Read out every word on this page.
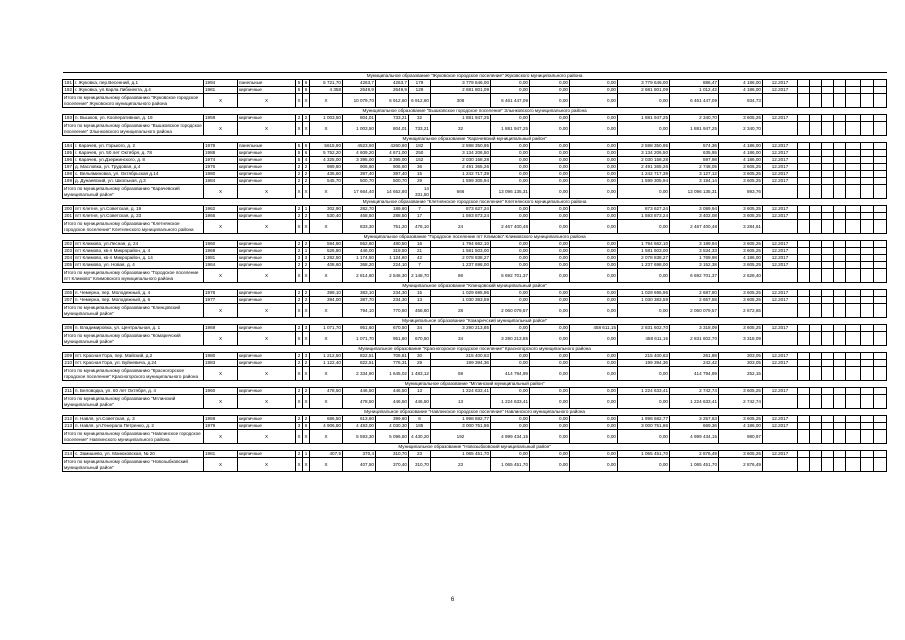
Муниципальное образование "Жуковское городское поселение" Жуковского муниципального района																								
191	г. Жуковка, пер.Весенний, д.1	1994	панельные	5	6	5 721,70	4263,7	4263,7	179	3 779 646,00	0,00	0,00	0,00	3 779 646,00	886,47	4 186,00	12.2017							
192	г. Жуковка, ул.Карла Либкнехта, д.4	1981	кирпичные	5	6	4 358	2649,9	2649,9	129	2 681 801,09	0,00	0,00	0,00	2 681 801,09	1 012,42	4 186,00	12.2017							
Итого по муниципальному образованию "Жуковское городское поселение" Жуковского муниципального района		X	X	X	X	X	10 079,70	6 912,60	6 912,60	308	6 461 447,09	0,00	0,00	0,00	6 461 447,09	934,73								
Муниципальное образование "Вышковское городское поселение" Злынковского муниципального района																								
193	п. Вышков, ул. Кооперативная, д. 19	1959	кирпичные	2	2	1 003,50	804,01	733,21	32	1 881 947,25	0,00	0,00	0,00	1 881 947,25	2 340,70	3 605,25	12.2017							
Итого по муниципальному образованию "Вышковское городское поселение" Злынковского муниципального района		X	X	X	X	X	1 003,50	804,01	733,21	32	1 881 947,25	0,00	0,00	0,00	1 881 947,25	2 340,70								
Муниципальное образование "Карачевский муниципальный район"																								
194	г. Карачев, ул. Горького, д. 2	1979	панельные	5	6	5615,90	4523,90	4260,80	182	2 598 350,95	0,00	0,00	0,00	2 598 350,95	574,36	4 186,00	12.2017							
195	г. Карачев, ул. 50 лет Октября, д. 78	1988	кирпичные	5	6	5 752,20	4 609,20	4 671,00	250	3 134 206,50	0,00	0,00	0,00	3 134 206,50	635,95	4 186,00	12.2017							
196	г. Карачев, ул.Дзержинского, д. 8	1974	кирпичные	5	4	4 325,00	3 395,00	3 395,00	152	2 030 158,28	0,00	0,00	0,00	2 030 158,28	597,98	4 186,00	12.2017							
197	д. Масловка, ул. Трудовая, д.4	1976	кирпичные	2	2	989,80	906,60	906,60	36	2 491 365,26	0,00	0,00	0,00	2 491 365,26	2 748,05	3 605,25	12.2017							
198	с. Вельяминовка, ул. Октябрьская д.14	1980	кирпичные	2	2	435,60	397,40	397,40	15	1 242 717,39	0,00	0,00	0,00	1 242 717,39	3 127,12	3 605,25	12.2017							
199	д. Дунаевский, ул. Школьная, д.3	1984	кирпичные	2	2	545,70	500,70	500,70	29	1 599 305,94	0,00	0,00	0,00	1 599 305,94	3 194,14	3 605,25	12.2017							
Итого по муниципальному образованию "Карачевский муниципальный район"		X	X	X	X	X	17 664,40	14 652,80	14 331,50	666	13 096 135,31	0,00	0,00	0,00	13 096 135,31	893,76								
Муниципальное образование "Клетнянское городское поселение" Клетнянского муниципального района																								
200	пгт Клетня, ул.Советская, д. 19	1962	кирпичные	2	1	302,90	282,70	189,60	7	873 627,24	0,00	0,00	0,00	873 627,24	3 089,94	3 605,25	12.2017							
201	пгт Клетня, ул.Советская, д. 23	1966	кирпичные	2	2	530,40	468,50	288,50	17	1 593 873,24	0,00	0,00	0,00	1 593 873,24	3 402,08	3 605,25	12.2017							
Итого по муниципальному образованию "Клетнянское городское поселение" Клетнянского муниципального района		X	X	X	X	X	833,30	751,20	478,10	24	2 467 400,48	0,00	0,00	0,00	2 467 400,48	3 284,61								
Муниципальное образование "Городское поселение пгт Климово" Климовского муниципального района																								
202	пгт Климово, ул.Лесная, д. 24	1960	кирпичные	2	2	594,80	552,60	480,50	16	1 794 662,10	0,00	0,00	0,00	1 794 662,10	3 189,94	3 605,25	12.2017							
203	пгт Климово, кв-л Микрорайон, д. 4	1969	кирпичные	2	1	526,80	446,00	319,50	21	1 581 503,00	0,00	0,00	0,00	1 581 503,00	3 534,33	3 605,25	12.2017							
204	пгт Климово, кв-л Микрорайон, д. 14	1981	кирпичные	3	3	1 282,50	1 174,50	1 124,60	42	2 078 838,27	0,00	0,00	0,00	2 078 838,27	1 769,98	4 186,00	12.2017							
205	пгт Климово, ул. Новая, д. 4	1964	кирпичные	2	2	408,60	368,20	224,10	7	1 237 698,00	0,00	0,00	0,00	1 237 698,00	3 152,38	3 605,25	12.2017							
Итого по муниципальному образованию "Городское поселение пгт Климово" Климовского муниципального района		X	X	X	X	X	2 814,80	2 546,30	2 148,70	86	6 692 701,37	0,00	0,00	0,00	6 692 701,37	2 628,40								
Муниципальное образование "Клинцовский муниципальный район"																								
206	п. Чемерна, пер. Молодежный, д. 4	1978	кирпичные	2	2	399,10	383,10	234,30	15	1 029 695,96	0,00	0,00	0,00	1 029 695,96	2 687,80	3 605,25	12.2017							
207	п. Чемерна, пер. Молодежный, д. 6	1977	кирпичные	2	2	394,00	387,70	234,30	13	1 030 383,59	0,00	0,00	0,00	1 030 383,59	2 657,58	3 605,25	12.2017							
Итого по муниципальному образованию "Клинцовский муниципальный район"		X	X	X	X	X	794,10	770,80	468,60	28	2 060 079,57	0,00	0,00	0,00	2 060 079,57	2 672,65								
Муниципальное образование "Комаричский муниципальный район"																								
208	п. Владимировка, ул. Центральная, д. 1	1969	кирпичные	2	3	1 071,70	951,60	670,50	34	3 290 213,85	0,00	0,00	458 611,15	2 831 602,70	3 318,09	3 605,25	12.2017							
Итого по муниципальному образованию "Комаричский муниципальный район"		X	X	X	X	X	1 071,70	951,60	670,50	34	3 290 213,85	0,00	0,00	458 611,15	2 831 602,70	3 318,09								
Муниципальное образование "Красногорское городское поселение" Красногорского муниципального района																								
209	пгт. Красная Гора, пер. Майский, д.2	1980	кирпичные	2	3	1 212,50	822,51	706,81	30	215 400,63	0,00	0,00	0,00	215 400,63	261,88	303,05	12.2017							
210	пгт. Красная Гора, ул. Буйневича, д.24	1983	кирпичные	2	2	1 122,40	822,51	776,31	29	199 394,36	0,00	0,00	0,00	199 394,36	242,42	303,05	12.2017							
Итого по муниципальному образованию "Красногорское городское поселение" Красногорского муниципального района		X	X	X	X	X	2 334,90	1 645,02	1 483,12	59	414 794,99	0,00	0,00	0,00	414 794,99	252,15								
Муниципальное образование "Мглинский муниципальный район"																								
211	п. Беловодка, ул. 60 лет Октября, д. 4	1960	кирпичные	2	2	478,50	446,50	446,50	13	1 224 633,41	0,00	0,00	0,00	1 224 633,41	2 742,74	3 605,25	12.2017							
Итого по муниципальному образованию "Мглинский муниципальный район"		X	X	X	X	X	478,50	446,50	446,50	13	1 224 633,41	0,00	0,00	0,00	1 224 633,41	2 742,74								
Муниципальное образование "Навлинское городское поселение" Навлинского муниципального района																								
212	п. Навля, ул.Советская, д. 3	1959	кирпичные	2	2	686,50	613,60	399,60	8	1 998 682,77	0,00	0,00	0,00	1 998 682,77	3 257,63	3 605,25	12.2017							
213	п. Навля, ул.Генерала Петренко, д. 2	1979	кирпичные	3	6	4 906,80	4 483,00	4 030,30	185	3 000 751,86	0,00	0,00	0,00	3 000 751,86	669,36	4 186,00	12.2017							
Итого по муниципальному образованию "Навлинское городское поселение" Навлинского муниципального района		X	X	X	X	X	5 593,30	5 096,60	4 430,20	192	4 999 434,15	0,00	0,00	0,00	4 999 434,15	980,97								
Муниципальное образование "Новозыбковский муниципальный район"																								
214	с. Замишево, ул. Манюковская, № 20	1981	кирпичные	2	1	407,5	370,4	310,70	23	1 065 451,70	0,00	0,00	0,00	1 065 451,70	2 876,49	3 605,25	12.2017							
Итого по муниципальному образованию "Новозыбковский муниципальный район"		X	X	X	X	X	407,50	370,40	310,70	23	1 065 451,70	0,00	0,00	0,00	1 065 451,70	2 876,49								
6
